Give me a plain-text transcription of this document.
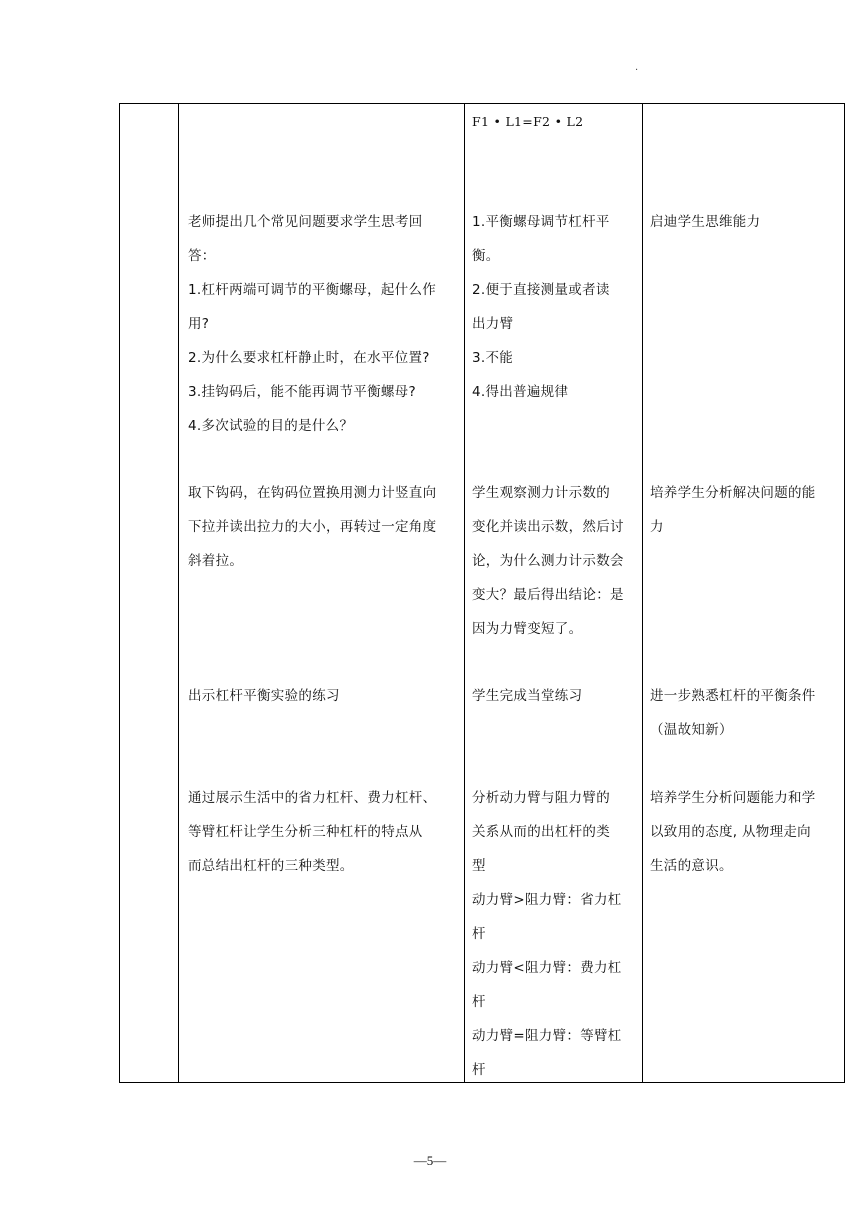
.

F1 • L1=F2 • L2

老师提出几个常见问题要求学生思考回

答：

1.杠杆两端可调节的平衡螺母，起什么作

用?

2.为什么要求杠杆静止时，在水平位置?

3.挂钩码后，能不能再调节平衡螺母?

4.多次试验的目的是什么？

1.平衡螺母调节杠杆平

衡。

2.便于直接测量或者读

出力臂

3.不能

4.得出普遍规律

启迪学生思维能力

取下钩码，在钩码位置换用测力计竖直向

下拉并读出拉力的大小，再转过一定角度

斜着拉。

学生观察测力计示数的

变化并读出示数，然后讨

论，为什么测力计示数会

变大？最后得出结论：是

因为力臂变短了。

培养学生分析解决问题的能

力

出示杠杆平衡实验的练习	学生完成当堂练习	进一步熟悉杠杆的平衡条件

（温故知新）

通过展示生活中的省力杠杆、费力杠杆、

等臂杠杆让学生分析三种杠杆的特点从

而总结出杠杆的三种类型。

分析动力臂与阻力臂的

关系从而的出杠杆的类

型

动力臂>阻力臂：省力杠

杆

动力臂<阻力臂：费力杠

杆

动力臂=阻力臂：等臂杠

杆

培养学生分析问题能力和学

以致用的态度, 从物理走向

生活的意识。

—5—
